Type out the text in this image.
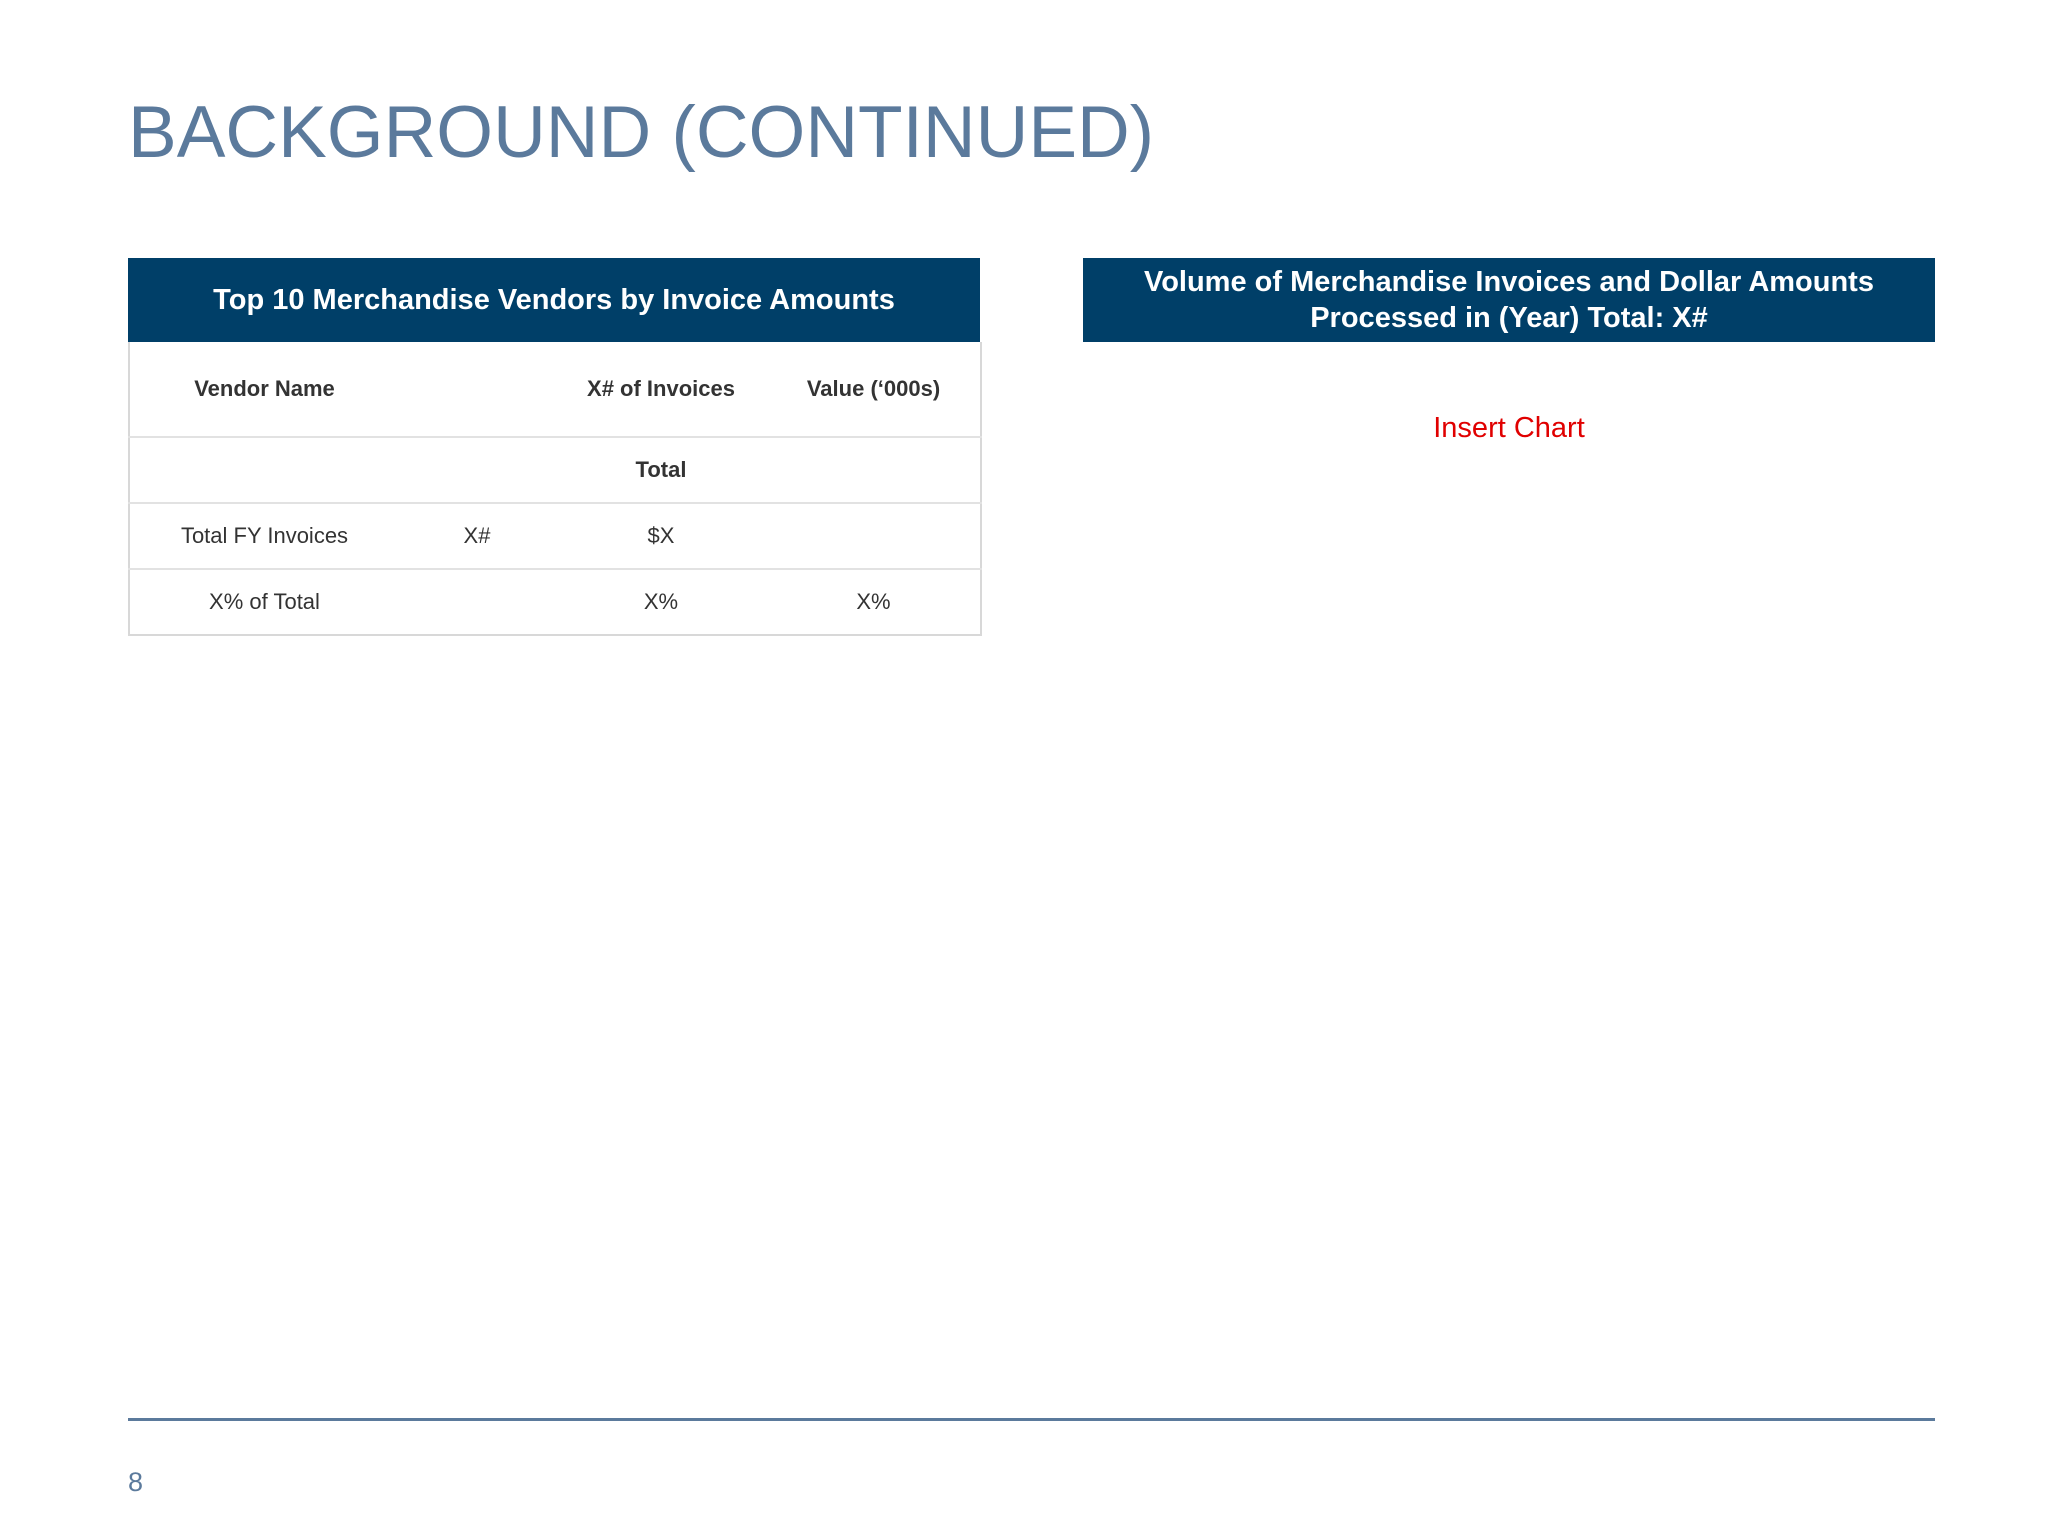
BACKGROUND (CONTINUED)
Top 10 Merchandise Vendors by Invoice Amounts
Vendor Name		X# of Invoices	Value (‘000s)
		Total	
Total FY Invoices	X#	$X	
X% of Total		X%	X%
Volume of Merchandise Invoices and Dollar Amounts
Processed in (Year) Total: X#
Insert Chart
8
